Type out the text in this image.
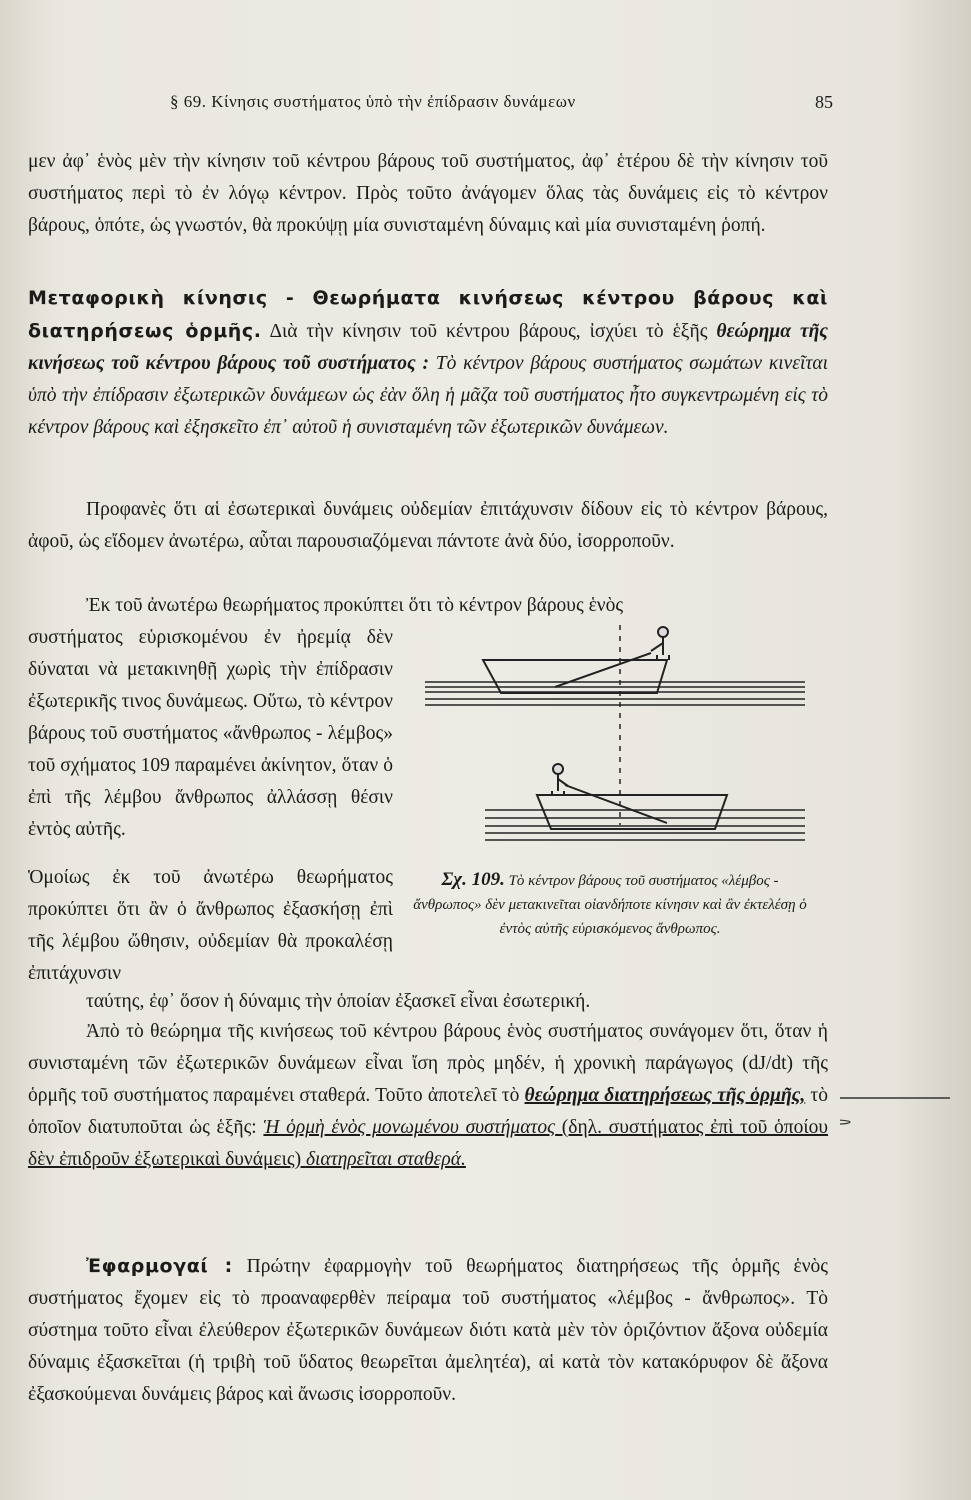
§ 69. Κίνησις συστήματος ὑπὸ τὴν ἐπίδρασιν δυνάμεων	85

μεν ἀφ᾿ ἑνὸς μὲν τὴν κίνησιν τοῦ κέντρου βάρους τοῦ συστήματος, ἀφ᾿ ἑτέρου δὲ τὴν κίνησιν τοῦ συστήματος περὶ τὸ ἐν λόγῳ κέντρον. Πρὸς τοῦτο ἀνάγομεν ὅλας τὰς δυνάμεις εἰς τὸ κέντρον βάρους, ὁπότε, ὡς γνωστόν, θὰ προκύψῃ μία συνισταμένη δύναμις καὶ μία συνισταμένη ῥοπή.

Μεταφορικὴ κίνησις - Θεωρήματα κινήσεως κέντρου βάρους καὶ διατηρήσεως ὁρμῆς. Διὰ τὴν κίνησιν τοῦ κέντρου βάρους, ἰσχύει τὸ ἑξῆς θεώρημα τῆς κινήσεως τοῦ κέντρου βάρους τοῦ συστήματος : Τὸ κέντρον βάρους συστήματος σωμάτων κινεῖται ὑπὸ τὴν ἐπίδρασιν ἐξωτερικῶν δυνάμεων ὡς ἐὰν ὅλη ἡ μᾶζα τοῦ συστήματος ἦτο συγκεντρωμένη εἰς τὸ κέντρον βάρους καὶ ἐξησκεῖτο ἐπ᾿ αὐτοῦ ἡ συνισταμένη τῶν ἐξωτερικῶν δυνάμεων.

Προφανὲς ὅτι αἱ ἐσωτερικαὶ δυνάμεις οὐδεμίαν ἐπιτάχυνσιν δίδουν εἰς τὸ κέντρον βάρους, ἀφοῦ, ὡς εἴδομεν ἀνωτέρω, αὗται παρουσιαζόμεναι πάντοτε ἀνὰ δύο, ἰσορροποῦν.

Ἐκ τοῦ ἀνωτέρω θεωρήματος προκύπτει ὅτι τὸ κέντρον βάρους ἑνὸς

συστήματος εὑρισκομένου ἐν ἠρεμίᾳ δὲν δύναται νὰ μετακινηθῇ χωρὶς τὴν ἐπίδρασιν ἐξωτερικῆς τινος δυνάμεως. Οὕτω, τὸ κέντρον βάρους τοῦ συστήματος «ἄνθρωπος - λέμβος» τοῦ σχήματος 109 παραμένει ἀκίνητον, ὅταν ὁ ἐπὶ τῆς λέμβου ἄνθρωπος ἀλλάσσῃ θέσιν ἐντὸς αὐτῆς.

Ὁμοίως ἐκ τοῦ ἀνωτέρω θεωρήματος προκύπτει ὅτι ἂν ὁ ἄνθρωπος ἐξασκήσῃ ἐπὶ τῆς λέμβου ὤθησιν, οὐδεμίαν θὰ προκαλέσῃ ἐπιτάχυνσιν

ταύτης, ἐφ᾿ ὅσον ἡ δύναμις τὴν ὁποίαν ἐξασκεῖ εἶναι ἐσωτερική.

Σχ. 109. Τὸ κέντρον βάρους τοῦ συστήματος «λέμβος - ἄνθρωπος» δὲν μετακινεῖται οἱανδήποτε κίνησιν καὶ ἂν ἐκτελέσῃ ὁ ἐντὸς αὐτῆς εὑρισκόμενος ἄνθρωπος.

Ἀπὸ τὸ θεώρημα τῆς κινήσεως τοῦ κέντρου βάρους ἑνὸς συστήματος συνάγομεν ὅτι, ὅταν ἡ συνισταμένη τῶν ἐξωτερικῶν δυνάμεων εἶναι ἴση πρὸς μηδέν, ἡ χρονικὴ παράγωγος (dJ/dt) τῆς ὁρμῆς τοῦ συστήματος παραμένει σταθερά. Τοῦτο ἀποτελεῖ τὸ θεώρημα διατηρήσεως τῆς ὁρμῆς, τὸ ὁποῖον διατυποῦται ὡς ἑξῆς: Ἡ ὁρμὴ ἑνὸς μονωμένου συστήματος (δηλ. συστήματος ἐπὶ τοῦ ὁποίου δὲν ἐπιδροῦν ἐξωτερικαὶ δυνάμεις) διατηρεῖται σταθερά.

Ἐφαρμογαί : Πρώτην ἐφαρμογὴν τοῦ θεωρήματος διατηρήσεως τῆς ὁρμῆς ἑνὸς συστήματος ἔχομεν εἰς τὸ προαναφερθὲν πείραμα τοῦ συστήματος «λέμβος - ἄνθρωπος». Τὸ σύστημα τοῦτο εἶναι ἐλεύθερον ἐξωτερικῶν δυνάμεων διότι κατὰ μὲν τὸν ὁριζόντιον ἄξονα οὐδεμία δύναμις ἐξασκεῖται (ἡ τριβὴ τοῦ ὕδατος θεωρεῖται ἀμελητέα), αἱ κατὰ τὸν κατακόρυφον δὲ ἄξονα ἐξασκούμεναι δυνάμεις βάρος καὶ ἄνωσις ἰσορροποῦν.
